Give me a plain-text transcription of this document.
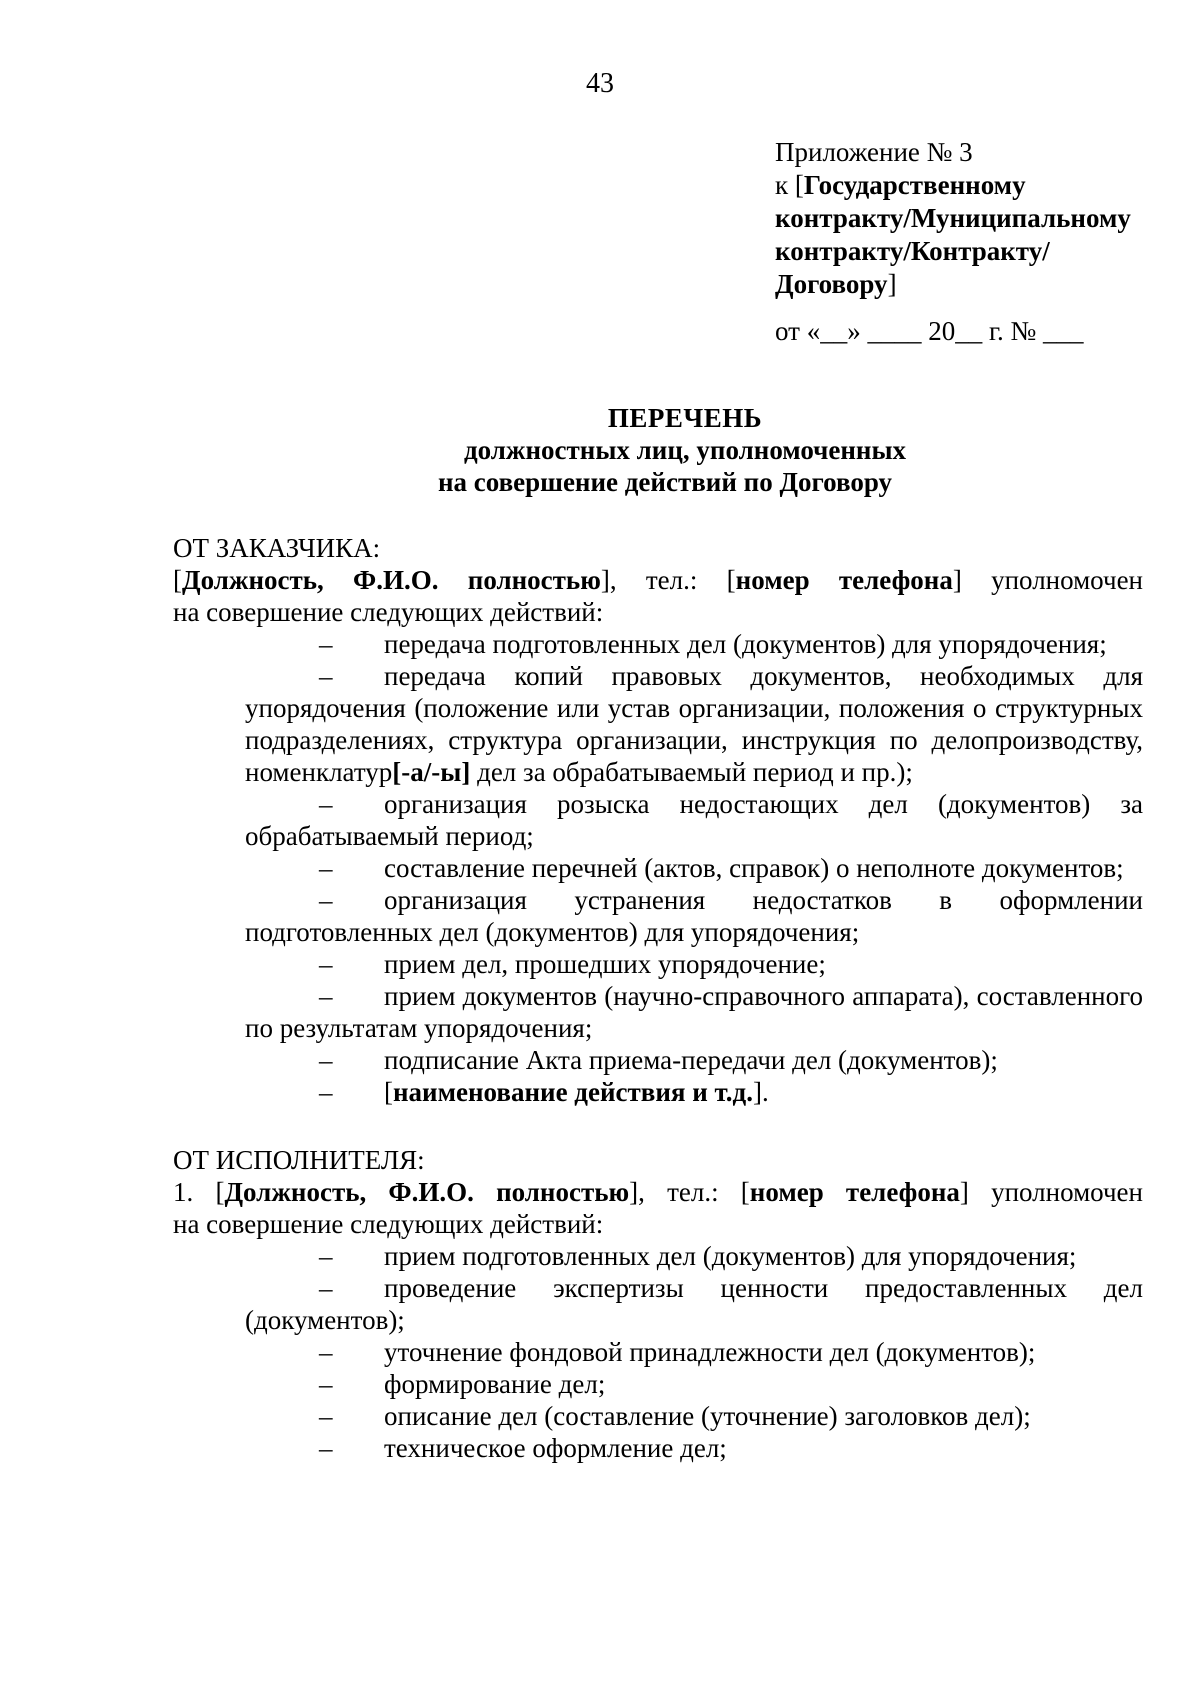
43
Приложение № 3
к [Государственному
контракту/Муниципальному
контракту/Контракту/
Договору]
от «__» ____ 20__ г. № ___
ПЕРЕЧЕНЬ
должностных лиц, уполномоченных
на совершение действий по Договору
ОТ ЗАКАЗЧИКА:
[Должность, Ф.И.О. полностью], тел.: [номер телефона] уполномочен
на совершение следующих действий:
–	передача подготовленных дел (документов) для упорядочения;
–	передача копий правовых документов, необходимых для упорядочения (положение или устав организации, положения о структурных подразделениях, структура организации, инструкция по делопроизводству, номенклатур[-а/-ы] дел за обрабатываемый период и пр.);
–	организация розыска недостающих дел (документов) за обрабатываемый период;
–	составление перечней (актов, справок) о неполноте документов;
–	организация устранения недостатков в оформлении подготовленных дел (документов) для упорядочения;
–	прием дел, прошедших упорядочение;
–	прием документов (научно-справочного аппарата), составленного по результатам упорядочения;
–	подписание Акта приема-передачи дел (документов);
–	[наименование действия и т.д.].
ОТ ИСПОЛНИТЕЛЯ:
1. [Должность, Ф.И.О. полностью], тел.: [номер телефона] уполномочен
на совершение следующих действий:
–	прием подготовленных дел (документов) для упорядочения;
–	проведение экспертизы ценности предоставленных дел (документов);
–	уточнение фондовой принадлежности дел (документов);
–	формирование дел;
–	описание дел (составление (уточнение) заголовков дел);
–	техническое оформление дел;
